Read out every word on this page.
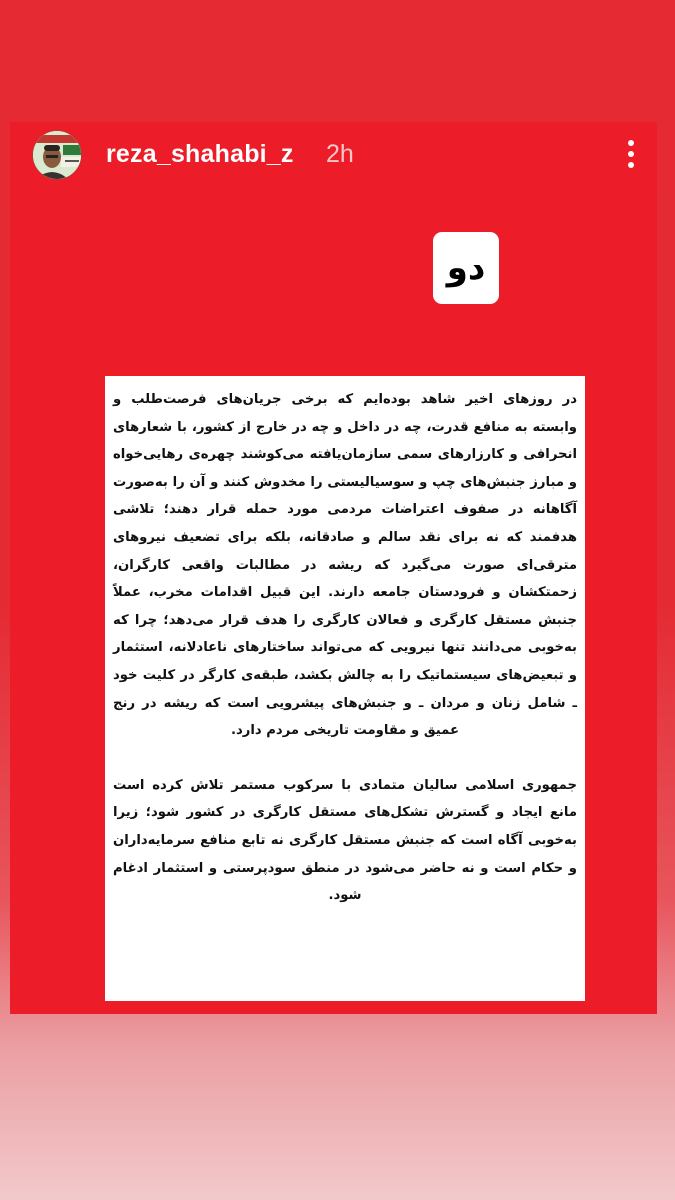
reza_shahabi_z 2h
دو

در روزهای اخیر شاهد بوده‌ایم که برخی جریان‌های فرصت‌طلب و وابسته به منافع قدرت، چه در داخل و چه در خارج از کشور، با شعارهای انحرافی و کارزارهای سمی سازمان‌یافته می‌کوشند چهره‌ی رهایی‌خواه و مبارز جنبش‌های چپ و سوسیالیستی را مخدوش کنند و آن را به‌صورت آگاهانه در صفوف اعتراضات مردمی مورد حمله قرار دهند؛ تلاشی هدفمند که نه برای نقد سالم و صادقانه، بلکه برای تضعیف نیروهای مترقی‌ای صورت می‌گیرد که ریشه در مطالبات واقعی کارگران، زحمتکشان و فرودستان جامعه دارند. این قبیل اقدامات مخرب، عملاً جنبش مستقل کارگری و فعالان کارگری را هدف قرار می‌دهد؛ چرا که به‌خوبی می‌دانند تنها نیرویی که می‌تواند ساختارهای ناعادلانه، استثمار و تبعیض‌های سیستماتیک را به چالش بکشد، طبقه‌ی کارگر در کلیت خود ـ شامل زنان و مردان ـ و جنبش‌های پیشرویی است که ریشه در رنج عمیق و مقاومت تاریخی مردم دارد.

جمهوری اسلامی سالیان متمادی با سرکوب مستمر تلاش کرده است مانع ایجاد و گسترش تشکل‌های مستقل کارگری در کشور شود؛ زیرا به‌خوبی آگاه است که جنبش مستقل کارگری نه تابع منافع سرمایه‌داران و حکام است و نه حاضر می‌شود در منطق سودپرستی و استثمار ادغام شود.
